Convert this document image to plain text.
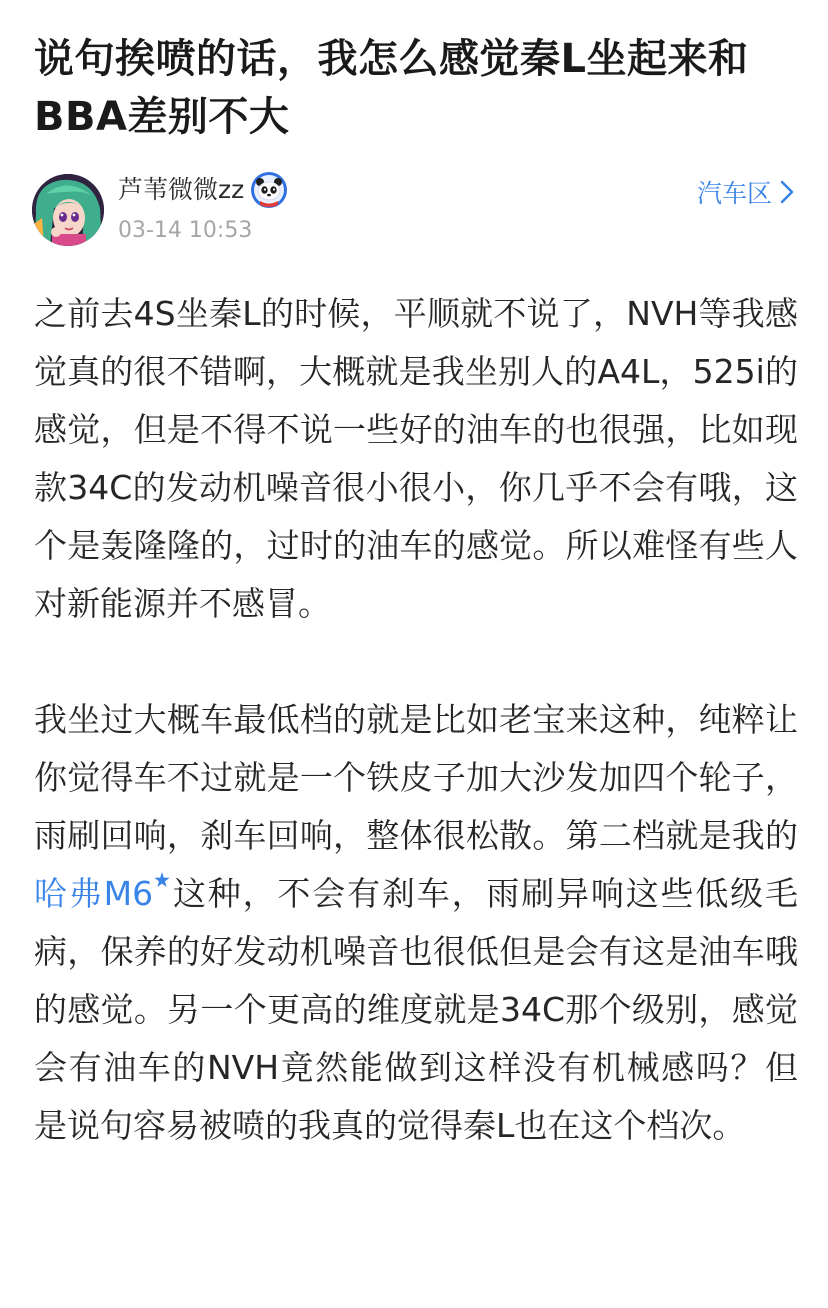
说句挨喷的话，我怎么感觉秦L坐起来和BBA差别不大
芦苇微微zz
03-14 10:53
汽车区

之前去4S坐秦L的时候，平顺就不说了，NVH等我感觉真的很不错啊，大概就是我坐别人的A4L，525i的感觉，但是不得不说一些好的油车的也很强，比如现款34C的发动机噪音很小很小，你几乎不会有哦，这个是轰隆隆的，过时的油车的感觉。所以难怪有些人对新能源并不感冒。

我坐过大概车最低档的就是比如老宝来这种，纯粹让你觉得车不过就是一个铁皮子加大沙发加四个轮子，雨刷回响，刹车回响，整体很松散。第二档就是我的哈弗M6 这种，不会有刹车，雨刷异响这些低级毛病，保养的好发动机噪音也很低但是会有这是油车哦的感觉。另一个更高的维度就是34C那个级别，感觉会有油车的NVH竟然能做到这样没有机械感吗？但是说句容易被喷的我真的觉得秦L也在这个档次。
